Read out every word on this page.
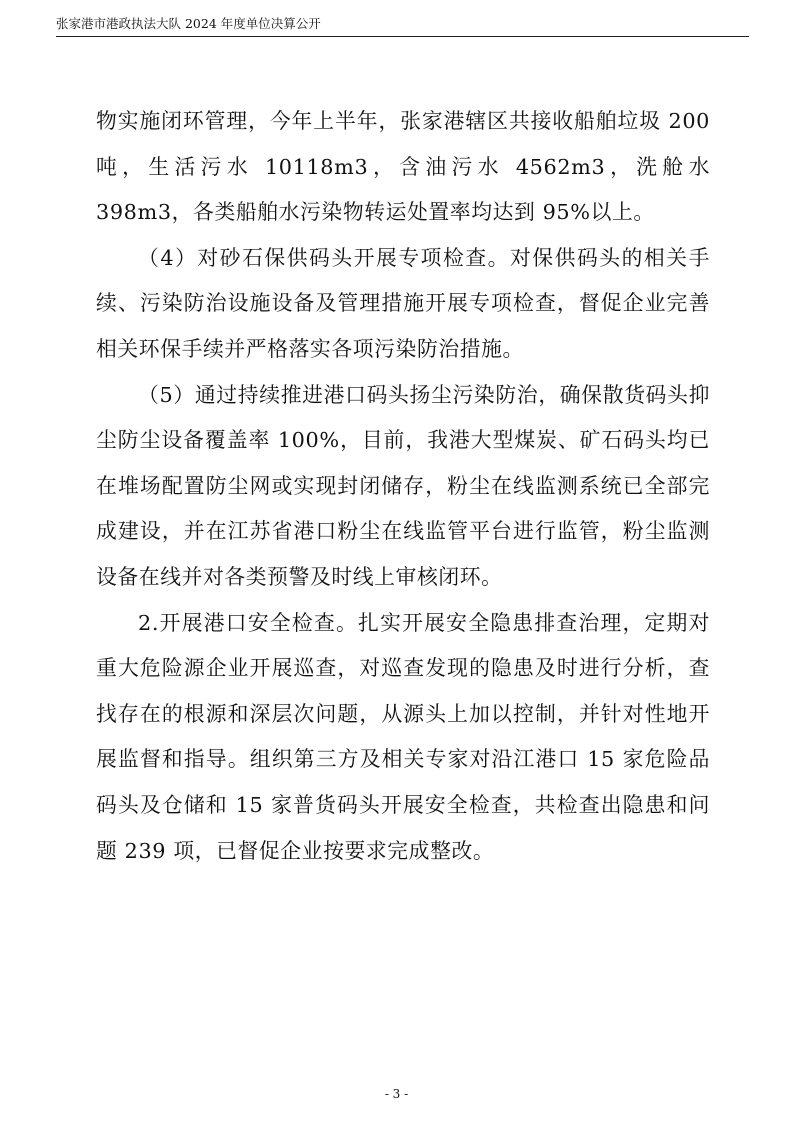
张家港市港政执法大队 2024 年度单位决算公开

物实施闭环管理，今年上半年，张家港辖区共接收船舶垃圾 200 吨，生活污水 10118m3，含油污水 4562m3，洗舱水 398m3，各类船舶水污染物转运处置率均达到 95%以上。

（4）对砂石保供码头开展专项检查。对保供码头的相关手续、污染防治设施设备及管理措施开展专项检查，督促企业完善相关环保手续并严格落实各项污染防治措施。

（5）通过持续推进港口码头扬尘污染防治，确保散货码头抑尘防尘设备覆盖率 100%，目前，我港大型煤炭、矿石码头均已在堆场配置防尘网或实现封闭储存，粉尘在线监测系统已全部完成建设，并在江苏省港口粉尘在线监管平台进行监管，粉尘监测设备在线并对各类预警及时线上审核闭环。

2.开展港口安全检查。扎实开展安全隐患排查治理，定期对重大危险源企业开展巡查，对巡查发现的隐患及时进行分析，查找存在的根源和深层次问题，从源头上加以控制，并针对性地开展监督和指导。组织第三方及相关专家对沿江港口 15 家危险品码头及仓储和 15 家普货码头开展安全检查，共检查出隐患和问题 239 项，已督促企业按要求完成整改。

- 3 -
